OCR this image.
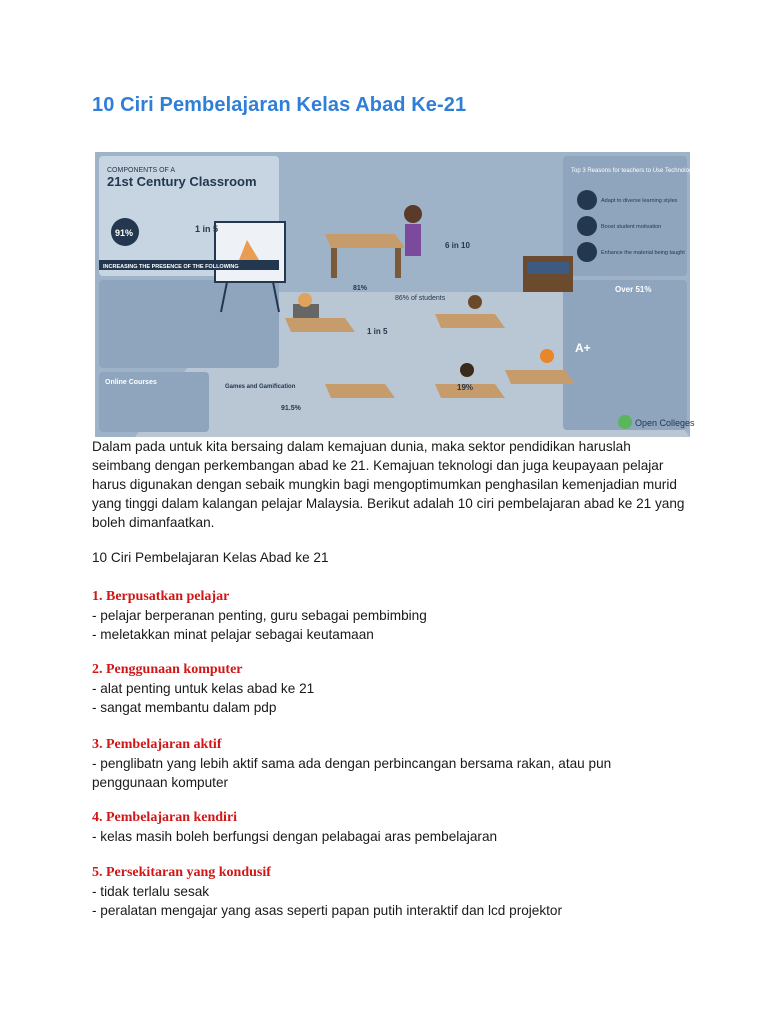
10 Ciri Pembelajaran Kelas Abad Ke-21
Open Colleges
COMPONENTS OF A
21st Century Classroom
91%	1 in 5
INCREASING THE PRESENCE OF THE FOLLOWING
81%
86% of students
6 in 10
1 in 5
19%
Over 51%
Top 3 Reasons for teachers to Use Technology in the Classroom
Adapt to diverse learning styles
Boost student motivation
Enhance the material being taught
A+
Online Courses
Games and Gamification
91.5%

Dalam pada untuk kita bersaing dalam kemajuan dunia, maka sektor pendidikan haruslah seimbang dengan perkembangan abad ke 21. Kemajuan teknologi dan juga keupayaan pelajar harus digunakan dengan sebaik mungkin bagi mengoptimumkan penghasilan kemenjadian murid yang tinggi dalam kalangan pelajar Malaysia. Berikut adalah 10 ciri pembelajaran abad ke 21 yang boleh dimanfaatkan.

10 Ciri Pembelajaran Kelas Abad ke 21

1. Berpusatkan pelajar
- pelajar berperanan penting, guru sebagai pembimbing
- meletakkan minat pelajar sebagai keutamaan
2. Penggunaan komputer
- alat penting untuk kelas abad ke 21
- sangat membantu dalam pdp
3. Pembelajaran aktif
- penglibatn yang lebih aktif sama ada dengan perbincangan bersama rakan, atau pun
penggunaan komputer
4. Pembelajaran kendiri
- kelas masih boleh berfungsi dengan pelabagai aras pembelajaran
5. Persekitaran yang kondusif
- tidak terlalu sesak
- peralatan mengajar yang asas seperti papan putih interaktif dan lcd projektor
